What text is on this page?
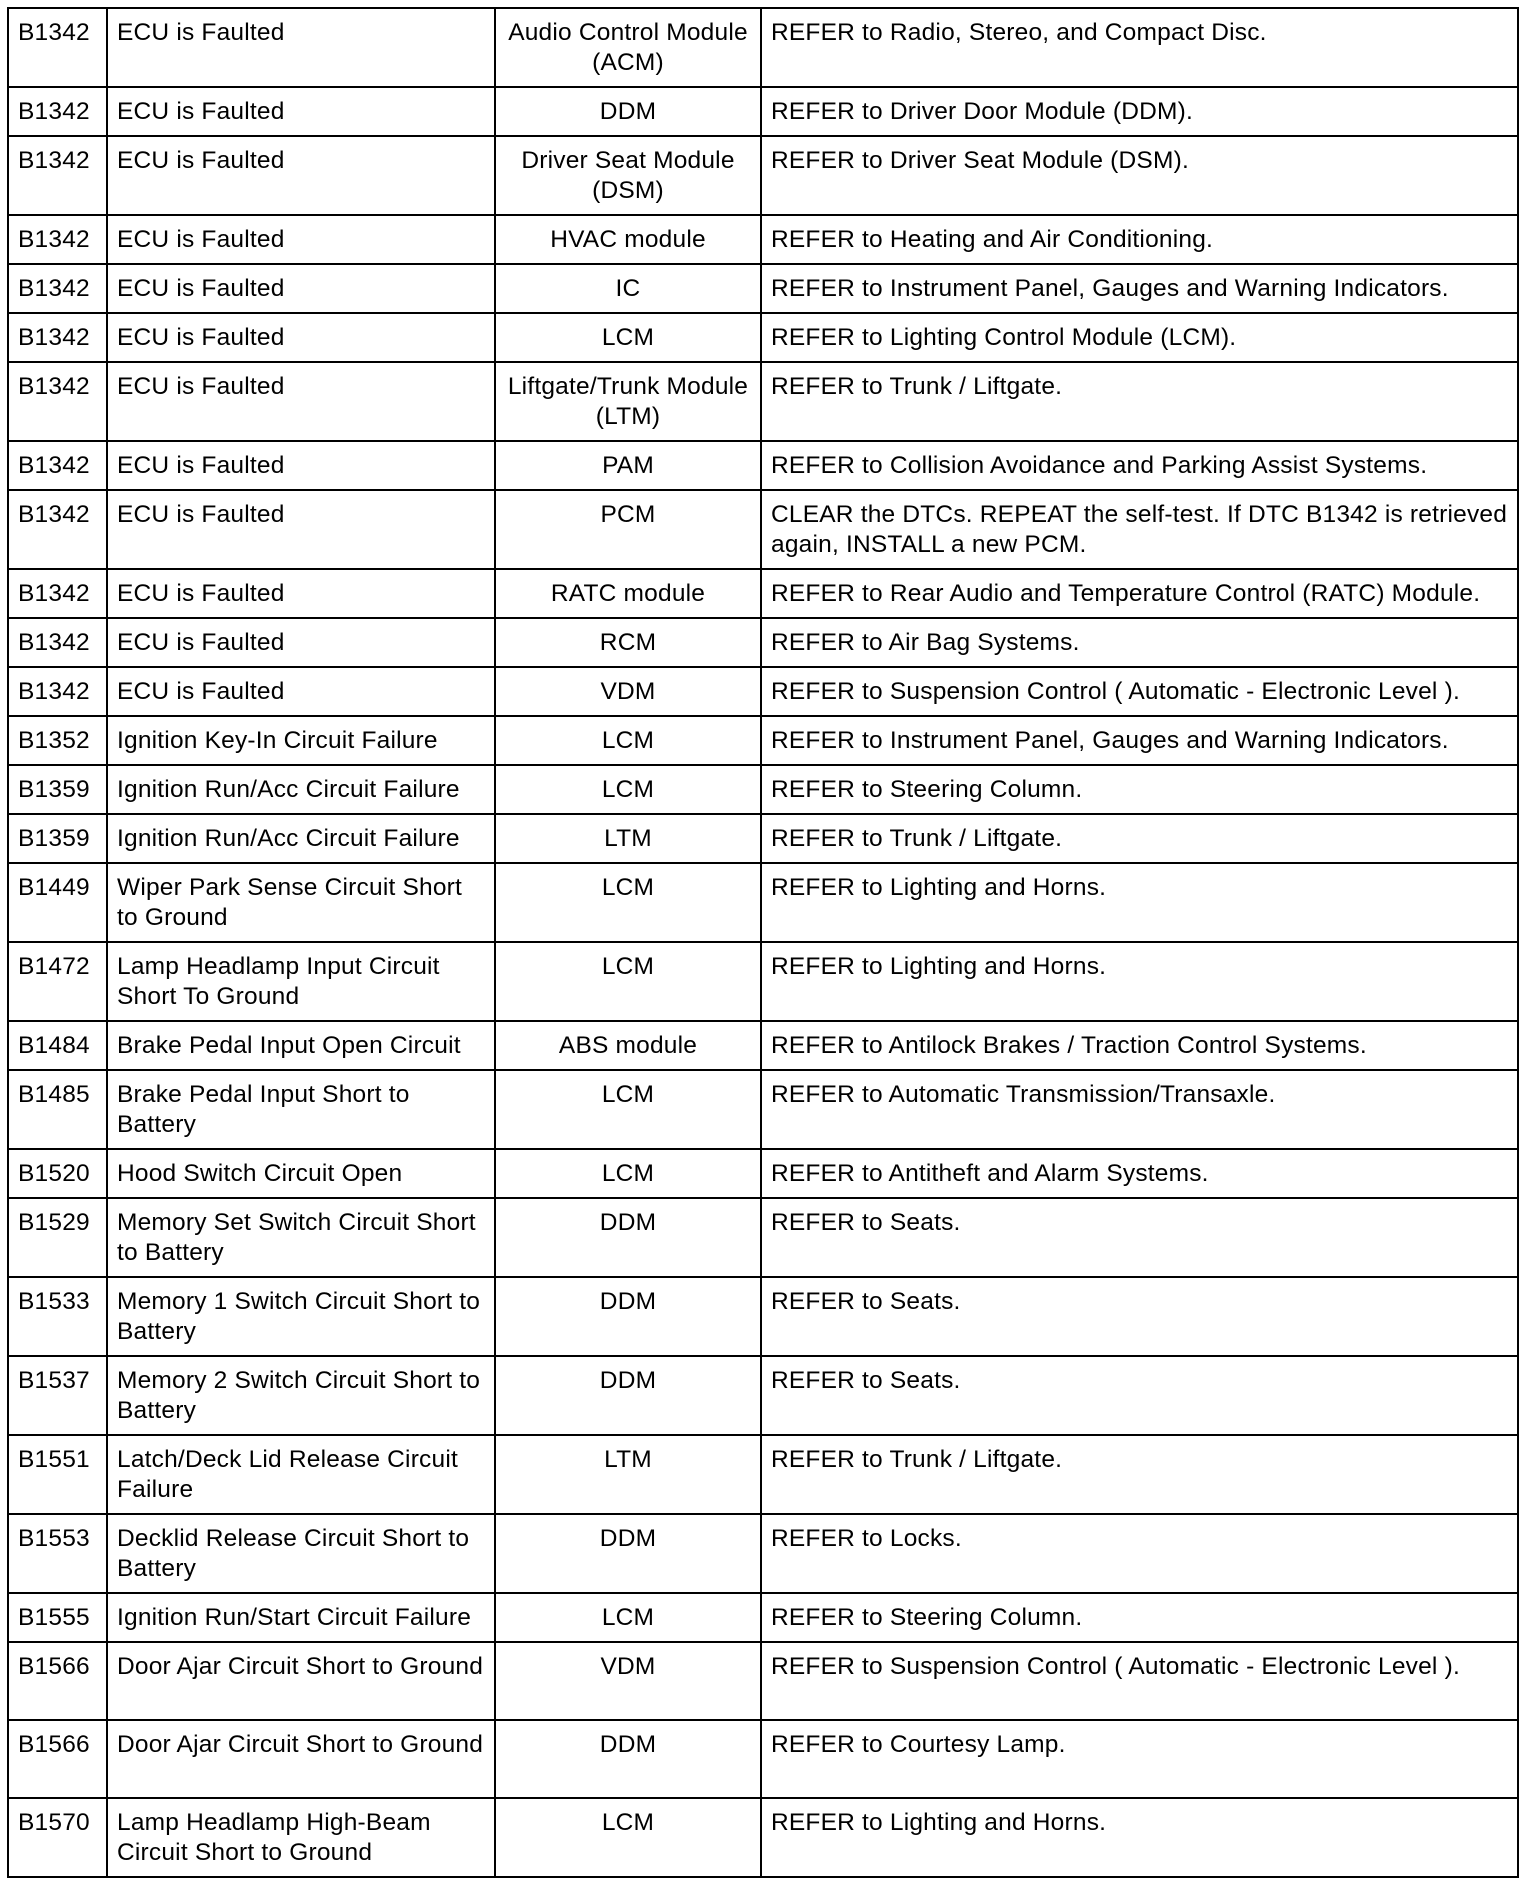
B1342	ECU is Faulted	Audio Control Module (ACM)	REFER to Radio, Stereo, and Compact Disc.
B1342	ECU is Faulted	DDM	REFER to Driver Door Module (DDM).
B1342	ECU is Faulted	Driver Seat Module (DSM)	REFER to Driver Seat Module (DSM).
B1342	ECU is Faulted	HVAC module	REFER to Heating and Air Conditioning.
B1342	ECU is Faulted	IC	REFER to Instrument Panel, Gauges and Warning Indicators.
B1342	ECU is Faulted	LCM	REFER to Lighting Control Module (LCM).
B1342	ECU is Faulted	Liftgate/Trunk Module (LTM)	REFER to Trunk / Liftgate.
B1342	ECU is Faulted	PAM	REFER to Collision Avoidance and Parking Assist Systems.
B1342	ECU is Faulted	PCM	CLEAR the DTCs. REPEAT the self-test. If DTC B1342 is retrieved again, INSTALL a new PCM.
B1342	ECU is Faulted	RATC module	REFER to Rear Audio and Temperature Control (RATC) Module.
B1342	ECU is Faulted	RCM	REFER to Air Bag Systems.
B1342	ECU is Faulted	VDM	REFER to Suspension Control ( Automatic - Electronic Level ).
B1352	Ignition Key-In Circuit Failure	LCM	REFER to Instrument Panel, Gauges and Warning Indicators.
B1359	Ignition Run/Acc Circuit Failure	LCM	REFER to Steering Column.
B1359	Ignition Run/Acc Circuit Failure	LTM	REFER to Trunk / Liftgate.
B1449	Wiper Park Sense Circuit Short to Ground	LCM	REFER to Lighting and Horns.
B1472	Lamp Headlamp Input Circuit Short To Ground	LCM	REFER to Lighting and Horns.
B1484	Brake Pedal Input Open Circuit	ABS module	REFER to Antilock Brakes / Traction Control Systems.
B1485	Brake Pedal Input Short to Battery	LCM	REFER to Automatic Transmission/Transaxle.
B1520	Hood Switch Circuit Open	LCM	REFER to Antitheft and Alarm Systems.
B1529	Memory Set Switch Circuit Short to Battery	DDM	REFER to Seats.
B1533	Memory 1 Switch Circuit Short to Battery	DDM	REFER to Seats.
B1537	Memory 2 Switch Circuit Short to Battery	DDM	REFER to Seats.
B1551	Latch/Deck Lid Release Circuit Failure	LTM	REFER to Trunk / Liftgate.
B1553	Decklid Release Circuit Short to Battery	DDM	REFER to Locks.
B1555	Ignition Run/Start Circuit Failure	LCM	REFER to Steering Column.
B1566	Door Ajar Circuit Short to Ground	VDM	REFER to Suspension Control ( Automatic - Electronic Level ).
B1566	Door Ajar Circuit Short to Ground	DDM	REFER to Courtesy Lamp.
B1570	Lamp Headlamp High-Beam Circuit Short to Ground	LCM	REFER to Lighting and Horns.
